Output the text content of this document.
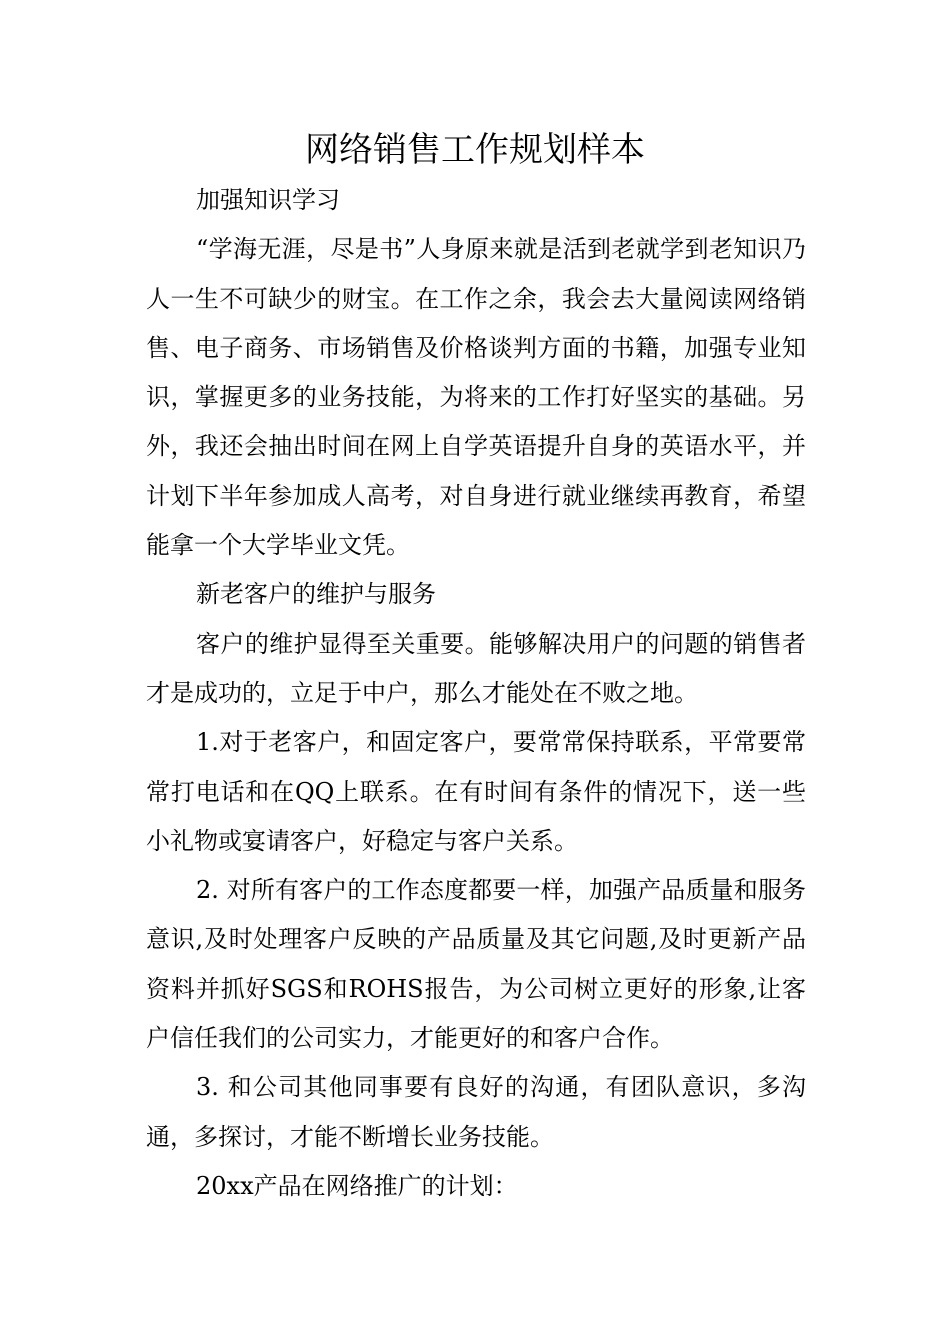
网络销售工作规划样本

加强知识学习

“学海无涯，尽是书”人身原来就是活到老就学到老知识乃人一生不可缺少的财宝。在工作之余，我会去大量阅读网络销售、电子商务、市场销售及价格谈判方面的书籍，加强专业知识，掌握更多的业务技能，为将来的工作打好坚实的基础。另外，我还会抽出时间在网上自学英语提升自身的英语水平，并计划下半年参加成人高考，对自身进行就业继续再教育，希望能拿一个大学毕业文凭。

新老客户的维护与服务

客户的维护显得至关重要。能够解决用户的问题的销售者才是成功的，立足于中户，那么才能处在不败之地。

1.对于老客户，和固定客户，要常常保持联系，平常要常常打电话和在QQ上联系。在有时间有条件的情况下，送一些小礼物或宴请客户，好稳定与客户关系。

2. 对所有客户的工作态度都要一样，加强产品质量和服务意识,及时处理客户反映的产品质量及其它问题,及时更新产品资料并抓好SGS和ROHS报告，为公司树立更好的形象,让客户信任我们的公司实力，才能更好的和客户合作。

3. 和公司其他同事要有良好的沟通，有团队意识，多沟通，多探讨，才能不断增长业务技能。

20xx产品在网络推广的计划：
